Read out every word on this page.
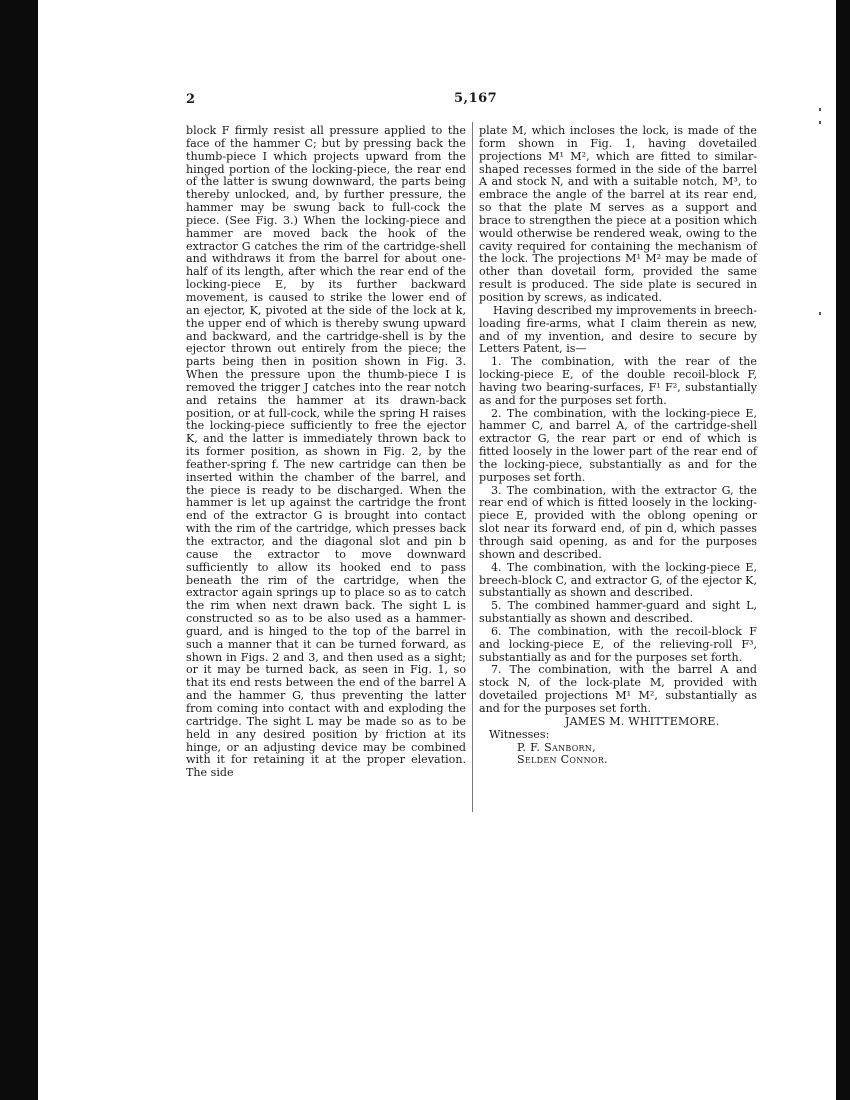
2	5,167

block F firmly resist all pressure applied to the face of the hammer C; but by pressing back the thumb-piece I which projects upward from the hinged portion of the locking-piece, the rear end of the latter is swung downward, the parts being thereby unlocked, and, by further pressure, the hammer may be swung back to full-cock the piece. (See Fig. 3.) When the locking-piece and hammer are moved back the hook of the extractor G catches the rim of the cartridge-shell and withdraws it from the barrel for about one-half of its length, after which the rear end of the locking-piece E, by its further backward movement, is caused to strike the lower end of an ejector, K, pivoted at the side of the lock at k, the upper end of which is thereby swung upward and backward, and the cartridge-shell is by the ejector thrown out entirely from the piece; the parts being then in position shown in Fig. 3. When the pressure upon the thumb-piece I is removed the trigger J catches into the rear notch and retains the hammer at its drawn-back position, or at full-cock, while the spring H raises the locking-piece sufficiently to free the ejector K, and the latter is immediately thrown back to its former position, as shown in Fig. 2, by the feather-spring f. The new cartridge can then be inserted within the chamber of the barrel, and the piece is ready to be discharged. When the hammer is let up against the cartridge the front end of the extractor G is brought into contact with the rim of the cartridge, which presses back the extractor, and the diagonal slot and pin b cause the extractor to move downward sufficiently to allow its hooked end to pass beneath the rim of the cartridge, when the extractor again springs up to place so as to catch the rim when next drawn back. The sight L is constructed so as to be also used as a hammer-guard, and is hinged to the top of the barrel in such a manner that it can be turned forward, as shown in Figs. 2 and 3, and then used as a sight; or it may be turned back, as seen in Fig. 1, so that its end rests between the end of the barrel A and the hammer G, thus preventing the latter from coming into contact with and exploding the cartridge. The sight L may be made so as to be held in any desired position by friction at its hinge, or an adjusting device may be combined with it for retaining it at the proper elevation. The side

plate M, which incloses the lock, is made of the form shown in Fig. 1, having dovetailed projections M¹ M², which are fitted to similar-shaped recesses formed in the side of the barrel A and stock N, and with a suitable notch, M³, to embrace the angle of the barrel at its rear end, so that the plate M serves as a support and brace to strengthen the piece at a position which would otherwise be rendered weak, owing to the cavity required for containing the mechanism of the lock. The projections M¹ M² may be made of other than dovetail form, provided the same result is produced. The side plate is secured in position by screws, as indicated.

Having described my improvements in breech-loading fire-arms, what I claim therein as new, and of my invention, and desire to secure by Letters Patent, is—

1. The combination, with the rear of the locking-piece E, of the double recoil-block F, having two bearing-surfaces, F¹ F², substantially as and for the purposes set forth.

2. The combination, with the locking-piece E, hammer C, and barrel A, of the cartridge-shell extractor G, the rear part or end of which is fitted loosely in the lower part of the rear end of the locking-piece, substantially as and for the purposes set forth.

3. The combination, with the extractor G, the rear end of which is fitted loosely in the locking-piece E, provided with the oblong opening or slot near its forward end, of pin d, which passes through said opening, as and for the purposes shown and described.

4. The combination, with the locking-piece E, breech-block C, and extractor G, of the ejector K, substantially as shown and described.

5. The combined hammer-guard and sight L, substantially as shown and described.

6. The combination, with the recoil-block F and locking-piece E, of the relieving-roll F³, substantially as and for the purposes set forth.

7. The combination, with the barrel A and stock N, of the lock-plate M, provided with dovetailed projections M¹ M², substantially as and for the purposes set forth.

JAMES M. WHITTEMORE.

Witnesses:

P. F. Sanborn,

Selden Connor.
